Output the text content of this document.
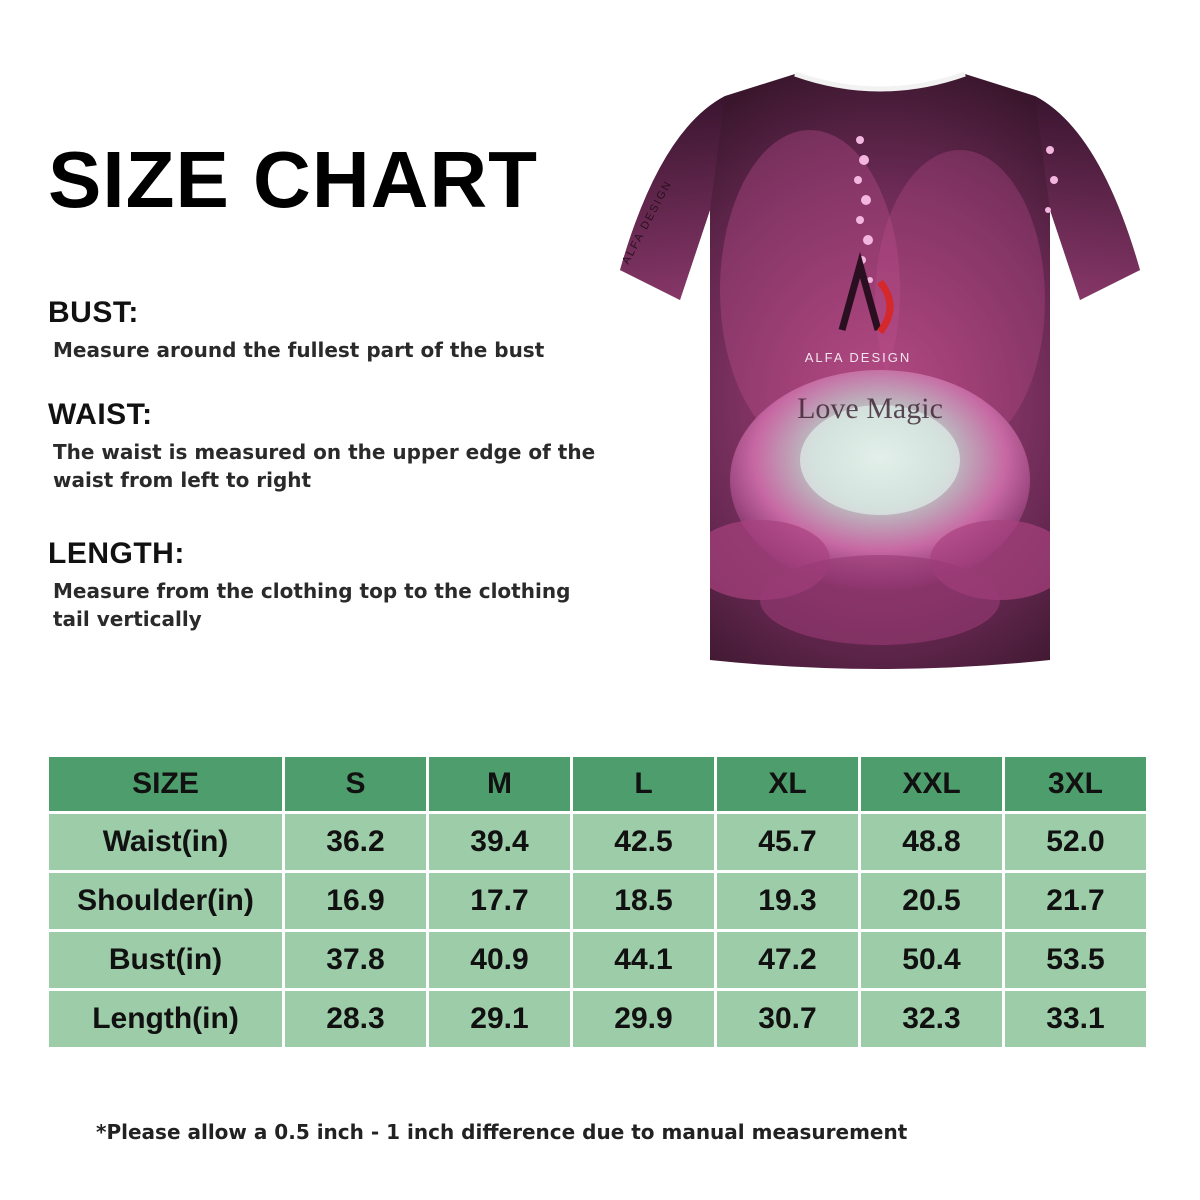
SIZE CHART
BUST:

Measure around the fullest part of the bust

WAIST:

The waist is measured on the upper edge of the waist from left to right

LENGTH:

Measure from the clothing top to the clothing tail vertically

ALFA DESIGN
Love Magic
ALFA DESIGN
SIZE	S	M	L	XL	XXL	3XL
Waist(in)	36.2	39.4	42.5	45.7	48.8	52.0
Shoulder(in)	16.9	17.7	18.5	19.3	20.5	21.7
Bust(in)	37.8	40.9	44.1	47.2	50.4	53.5
Length(in)	28.3	29.1	29.9	30.7	32.3	33.1

*Please allow a 0.5 inch - 1 inch difference due to manual measurement
